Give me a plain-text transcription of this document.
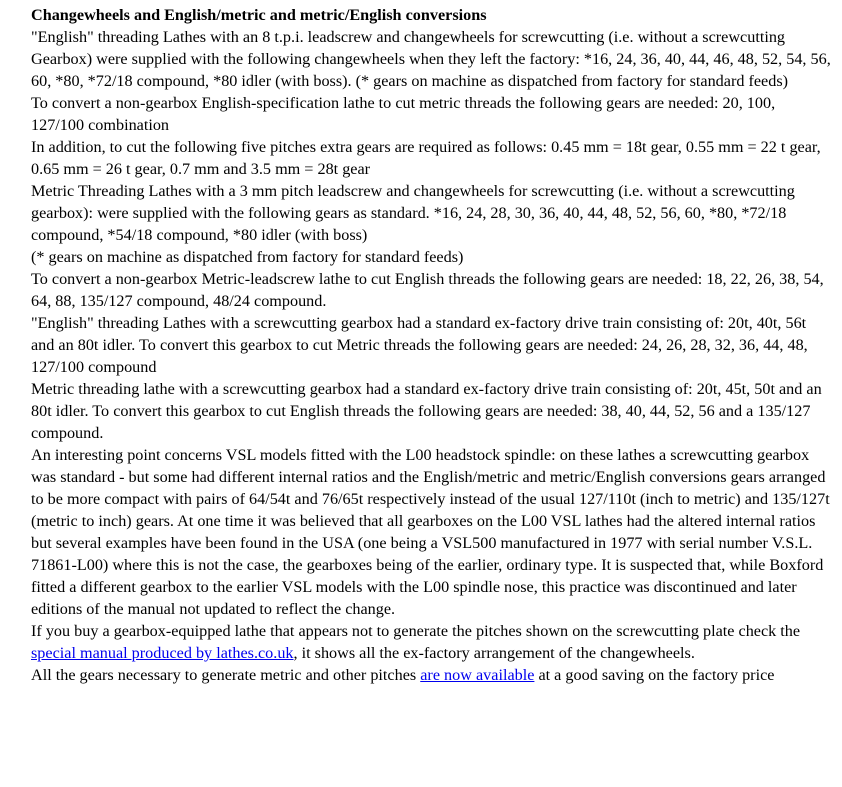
Changewheels and English/metric and metric/English conversions

"English" threading Lathes with an 8 t.p.i. leadscrew and changewheels for screwcutting (i.e. without a screwcutting Gearbox) were supplied with the following changewheels when they left the factory: *16, 24, 36, 40, 44, 46, 48, 52, 54, 56, 60, *80, *72/18 compound, *80 idler (with boss). (* gears on machine as dispatched from factory for standard feeds)

To convert a non-gearbox English-specification lathe to cut metric threads the following gears are needed: 20, 100, 127/100 combination

In addition, to cut the following five pitches extra gears are required as follows: 0.45 mm = 18t gear, 0.55 mm = 22 t gear, 0.65 mm = 26 t gear, 0.7 mm and 3.5 mm = 28t gear

Metric Threading Lathes with a 3 mm pitch leadscrew and changewheels for screwcutting (i.e. without a screwcutting gearbox): were supplied with the following gears as standard. *16, 24, 28, 30, 36, 40, 44, 48, 52, 56, 60, *80, *72/18 compound, *54/18 compound, *80 idler (with boss)

(* gears on machine as dispatched from factory for standard feeds)

To convert a non-gearbox Metric-leadscrew lathe to cut English threads the following gears are needed: 18, 22, 26, 38, 54, 64, 88, 135/127 compound, 48/24 compound.

"English" threading Lathes with a screwcutting gearbox had a standard ex-factory drive train consisting of: 20t, 40t, 56t and an 80t idler. To convert this gearbox to cut Metric threads the following gears are needed: 24, 26, 28, 32, 36, 44, 48, 127/100 compound

Metric threading lathe with a screwcutting gearbox had a standard ex-factory drive train consisting of: 20t, 45t, 50t and an 80t idler. To convert this gearbox to cut English threads the following gears are needed: 38, 40, 44, 52, 56 and a 135/127 compound.

An interesting point concerns VSL models fitted with the L00 headstock spindle: on these lathes a screwcutting gearbox was standard - but some had different internal ratios and the English/metric and metric/English conversions gears arranged to be more compact with pairs of 64/54t and 76/65t respectively instead of the usual 127/110t (inch to metric) and 135/127t (metric to inch) gears. At one time it was believed that all gearboxes on the L00 VSL lathes had the altered internal ratios but several examples have been found in the USA (one being a VSL500 manufactured in 1977 with serial number V.S.L. 71861-L00) where this is not the case, the gearboxes being of the earlier, ordinary type. It is suspected that, while Boxford fitted a different gearbox to the earlier VSL models with the L00 spindle nose, this practice was discontinued and later editions of the manual not updated to reflect the change.

If you buy a gearbox-equipped lathe that appears not to generate the pitches shown on the screwcutting plate check the special manual produced by lathes.co.uk, it shows all the ex-factory arrangement of the changewheels.

All the gears necessary to generate metric and other pitches are now available at a good saving on the factory price
